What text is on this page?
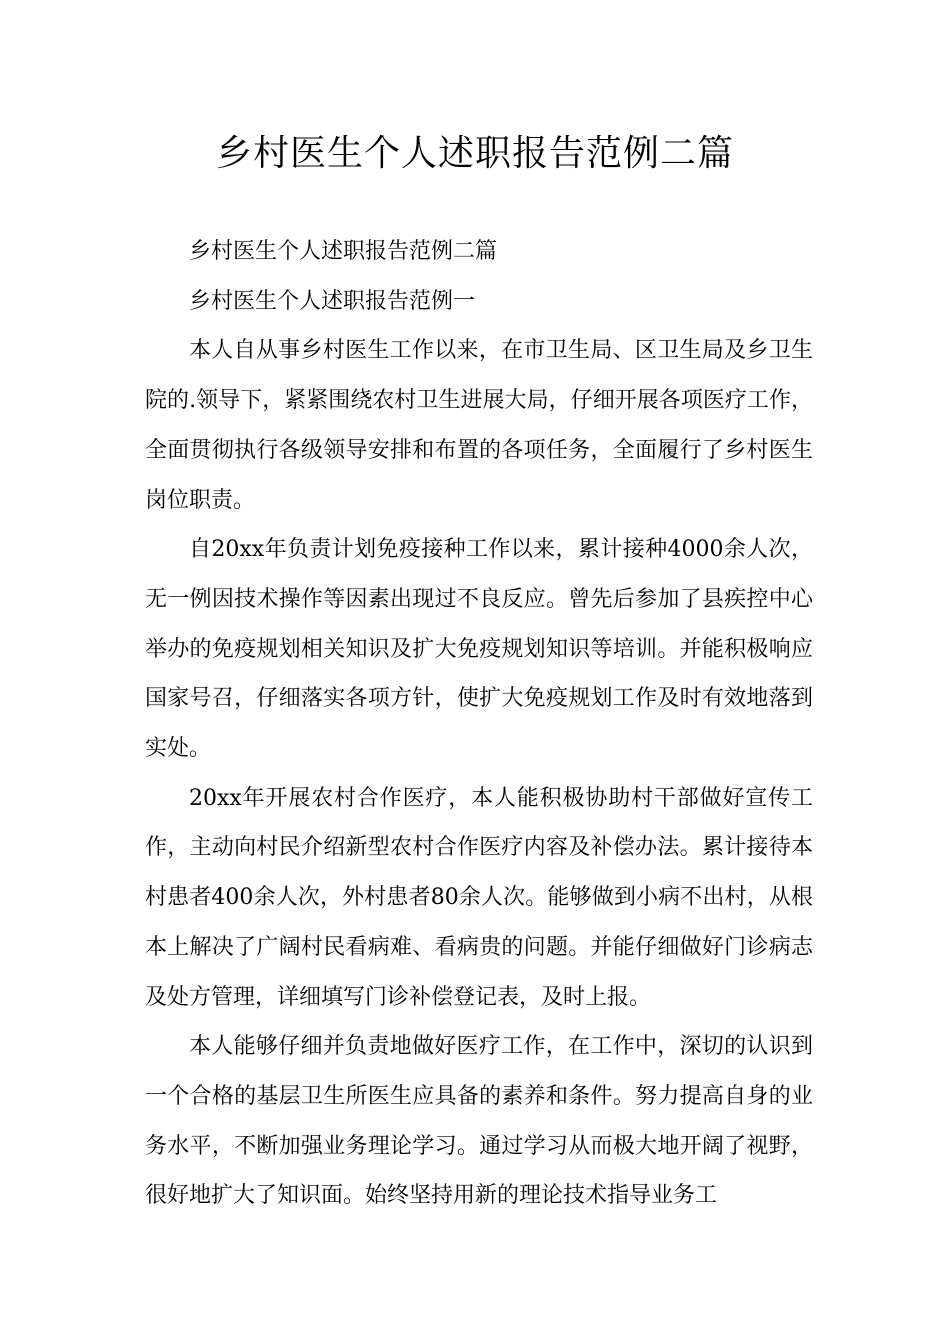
乡村医生个人述职报告范例二篇

乡村医生个人述职报告范例二篇

乡村医生个人述职报告范例一

本人自从事乡村医生工作以来，在市卫生局、区卫生局及乡卫生院的.领导下，紧紧围绕农村卫生进展大局，仔细开展各项医疗工作，全面贯彻执行各级领导安排和布置的各项任务，全面履行了乡村医生岗位职责。

自20xx年负责计划免疫接种工作以来，累计接种4000余人次，无一例因技术操作等因素出现过不良反应。曾先后参加了县疾控中心举办的免疫规划相关知识及扩大免疫规划知识等培训。并能积极响应国家号召，仔细落实各项方针，使扩大免疫规划工作及时有效地落到实处。

20xx年开展农村合作医疗，本人能积极协助村干部做好宣传工作，主动向村民介绍新型农村合作医疗内容及补偿办法。累计接待本村患者400余人次，外村患者80余人次。能够做到小病不出村，从根本上解决了广阔村民看病难、看病贵的问题。并能仔细做好门诊病志及处方管理，详细填写门诊补偿登记表，及时上报。

本人能够仔细并负责地做好医疗工作，在工作中，深切的认识到一个合格的基层卫生所医生应具备的素养和条件。努力提高自身的业务水平，不断加强业务理论学习。通过学习从而极大地开阔了视野，很好地扩大了知识面。始终坚持用新的理论技术指导业务工
